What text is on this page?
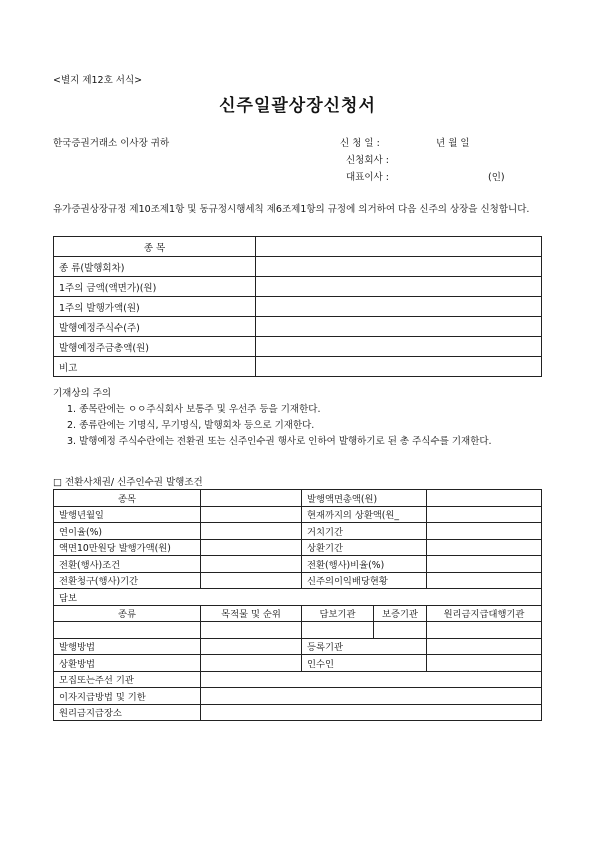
<별지 제12호 서식>
신주일괄상장신청서
한국증권거래소 이사장 귀하	신 청 일 :	년 월 일
신청회사 :
대표이사 :	(인)
유가증권상장규정 제10조제1항 및 동규정시행세칙 제6조제1항의 규정에 의거하여 다음 신주의 상장을 신청합니다.
종 목	
종 류(발행회차)	
1주의 금액(액면가)(원)	
1주의 발행가액(원)	
발행예정주식수(주)	
발행예정주금총액(원)	
비고	
기재상의 주의
1. 종목란에는 ㅇㅇ주식회사 보통주 및 우선주 등을 기재한다.
2. 종류란에는 기명식, 무기명식, 발행회차 등으로 기재한다.
3. 발행예정 주식수란에는 전환권 또는 신주인수권 행사로 인하여 발행하기로 된 총 주식수를 기재한다.
□ 전환사채권/ 신주인수권 발행조건
종목		발행액면총액(원)		
발행년월일		현재까지의 상환액(원_		
연이율(%)		거치기간		
액면10만원당 발행가액(원)		상환기간		
전환(행사)조건		전환(행사)비율(%)		
전환청구(행사)기간		신주의이익배당현황		
담보				
종류	목적물 및 순위	담보기관	보증기관	원리금지급대행기관

발행방법		등록기관		
상환방법		인수인		
모집또는주선 기관				
이자지급방법 및 기한				
원리금지급장소				
